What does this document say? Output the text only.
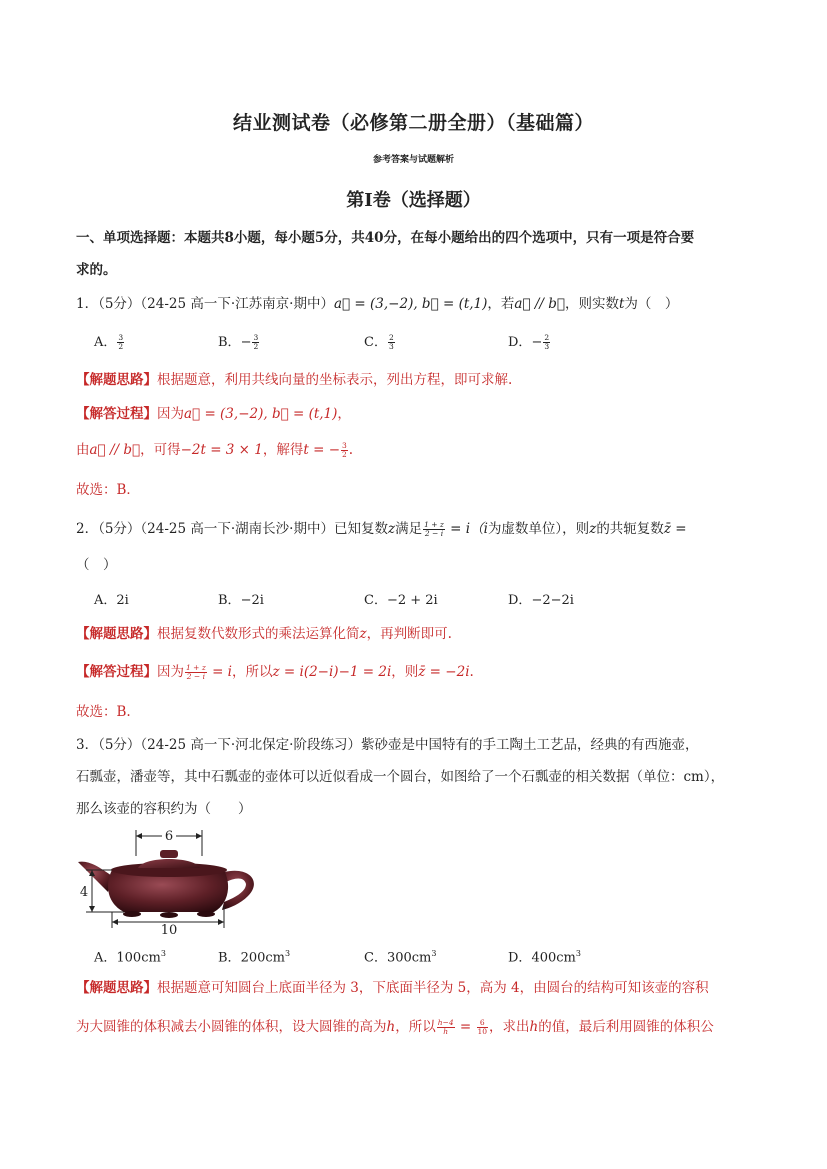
结业测试卷（必修第二册全册）（基础篇）
参考答案与试题解析
第Ⅰ卷（选择题）
一、单项选择题：本题共8小题，每小题5分，共40分，在每小题给出的四个选项中，只有一项是符合要
求的。
1．（5分）（24-25 高一下·江苏南京·期中）a⃗ = (3,−2), b⃗ = (t,1)，若a⃗ // b⃗，则实数t为（　）
A． $\frac{3}{2}$	B．− $\frac{3}{2}$	C． $\frac{2}{3}$	D．− $\frac{2}{3}$
【解题思路】根据题意，利用共线向量的坐标表示，列出方程，即可求解.
【解答过程】因为a⃗ = (3,−2), b⃗ = (t,1)，
由a⃗ // b⃗，可得−2t = 3 × 1，解得t = − $\frac{3}{2}$ .
故选：B．
2．（5分）（24-25 高一下·湖南长沙·期中）已知复数z满足 $\frac{1 + z}{2 - i} = i(i$为虚数单位），则z的共轭复数z̄ =
（　）
A．2i	B．−2i	C．−2 + 2i	D．−2−2i
【解题思路】根据复数代数形式的乘法运算化简z，再判断即可.
【解答过程】因为 $\frac{1 + z}{2 - i} = i$，所以z = i(2−i)−1 = 2i，则z̄ = −2i.
故选：B.
3．（5分）（24-25 高一下·河北保定·阶段练习）紫砂壶是中国特有的手工陶土工艺品，经典的有西施壶，
石瓢壶，潘壶等，其中石瓢壶的壶体可以近似看成一个圆台，如图给了一个石瓢壶的相关数据（单位：cm），
那么该壶的容积约为（　　）
6
4
10
A．$100cm^3$	B．$200cm^3$	C．$300cm^3$	D．$400cm^3$
【解题思路】根据题意可知圆台上底面半径为 3，下底面半径为 5，高为 4，由圆台的结构可知该壶的容积
为大圆锥的体积减去小圆锥的体积，设大圆锥的高为h，所以 $\frac{h-4}{h} = \frac{6}{10}$ ，求出h的值，最后利用圆锥的体积公
